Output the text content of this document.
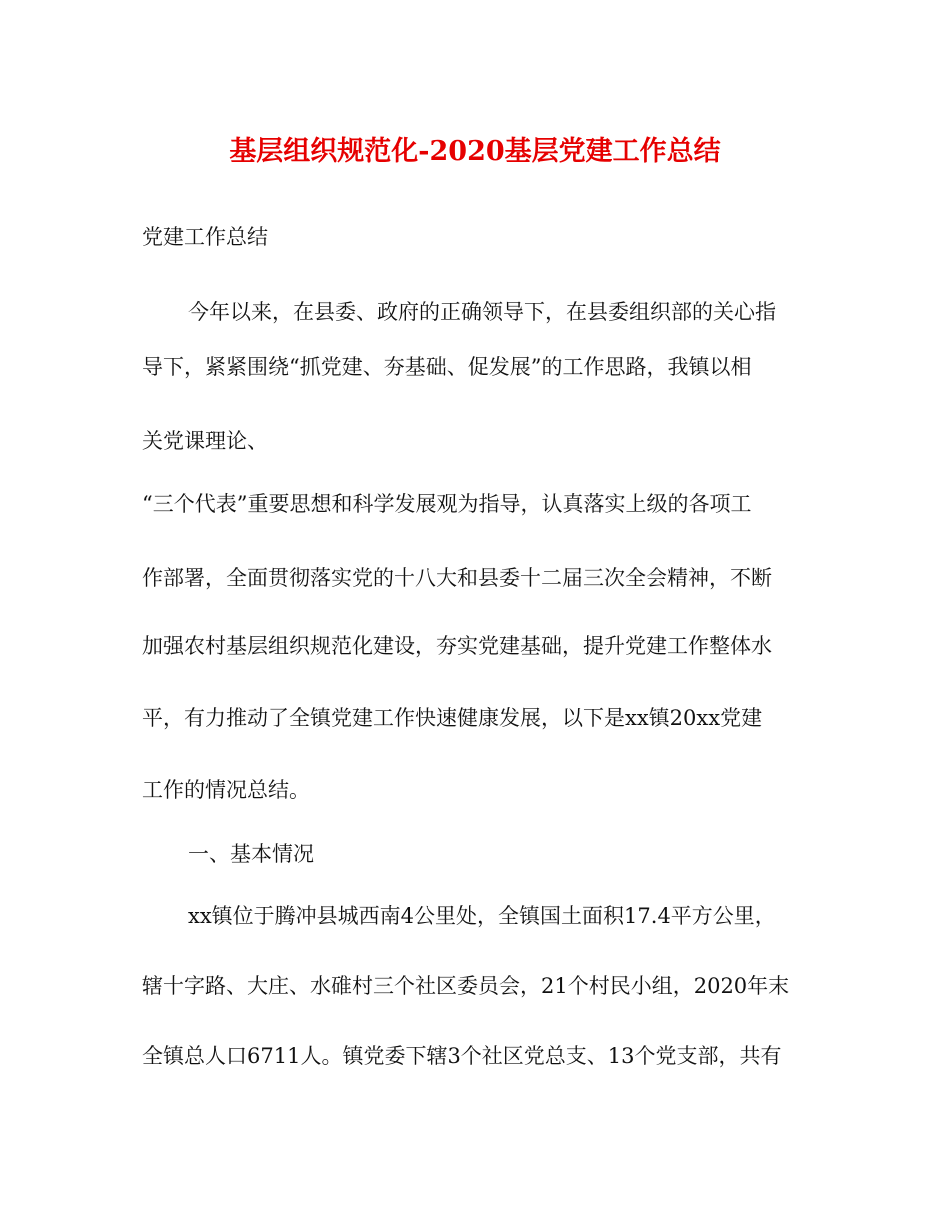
基层组织规范化-2020基层党建工作总结
党建工作总结
今年以来，在县委、政府的正确领导下，在县委组织部的关心指
导下，紧紧围绕“抓党建、夯基础、促发展”的工作思路，我镇以相
关党课理论、
“三个代表”重要思想和科学发展观为指导，认真落实上级的各项工
作部署，全面贯彻落实党的十八大和县委十二届三次全会精神，不断
加强农村基层组织规范化建设，夯实党建基础，提升党建工作整体水
平，有力推动了全镇党建工作快速健康发展，以下是xx镇20xx党建
工作的情况总结。
一、基本情况
xx镇位于腾冲县城西南4公里处，全镇国土面积17.4平方公里，
辖十字路、大庄、水碓村三个社区委员会，21个村民小组，2020年末
全镇总人口6711人。镇党委下辖3个社区党总支、13个党支部，共有
